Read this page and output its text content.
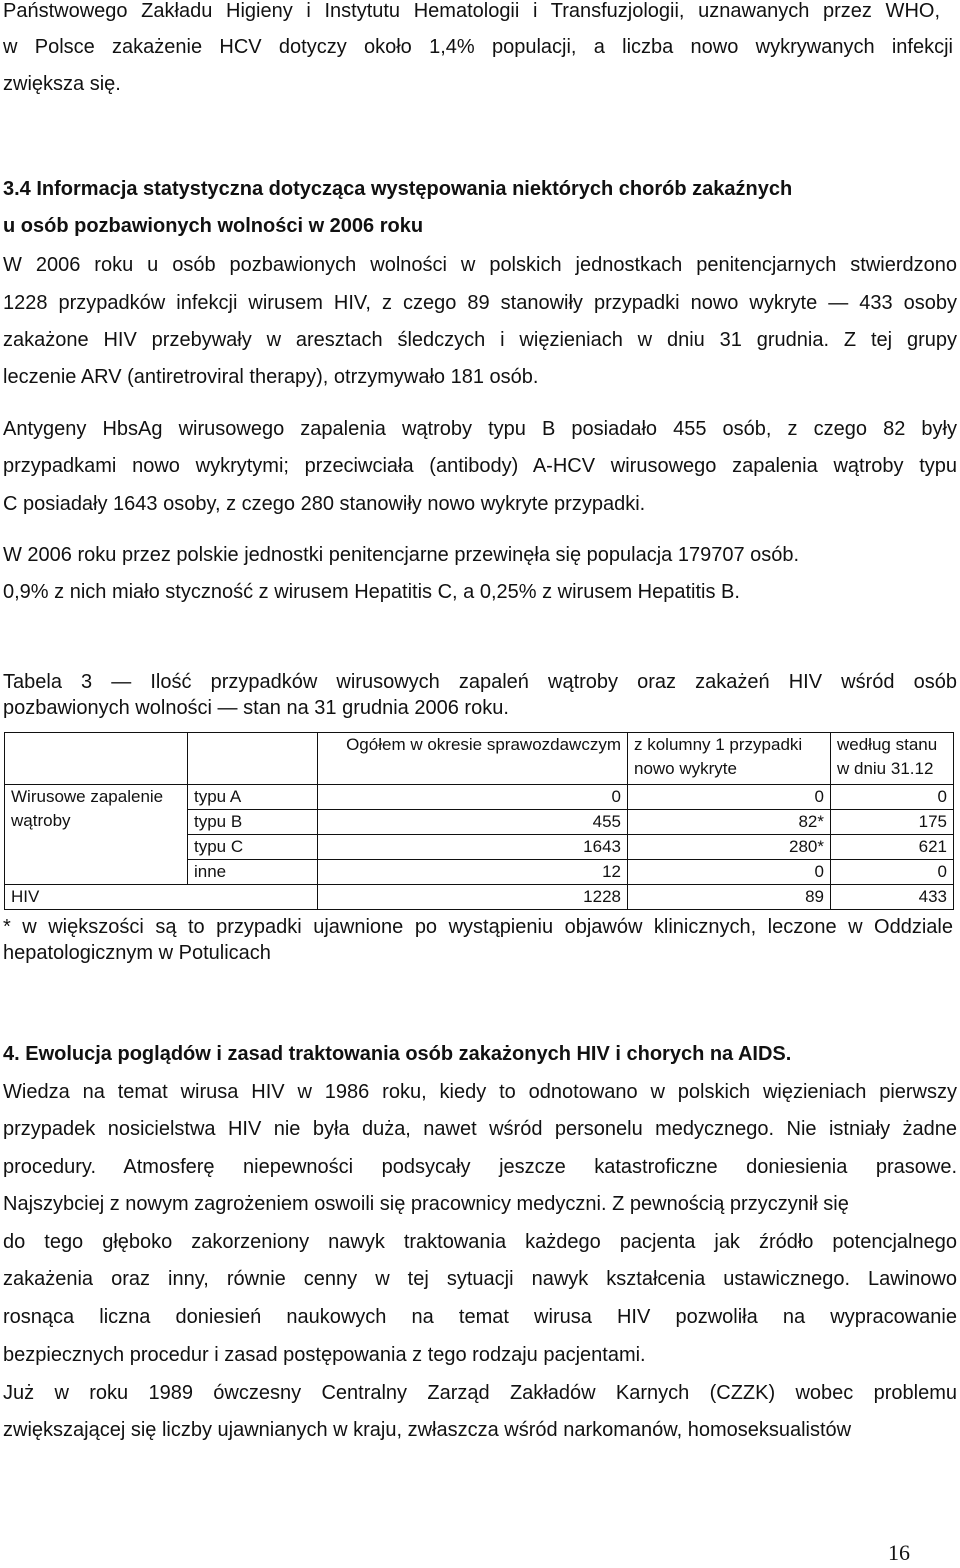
Państwowego Zakładu Higieny i Instytutu Hematologii i Transfuzjologii, uznawanych przez WHO,
w Polsce zakażenie HCV dotyczy około 1,4% populacji, a liczba nowo wykrywanych infekcji
zwiększa się.
3.4 Informacja statystyczna dotycząca występowania niektórych chorób zakaźnych
u osób pozbawionych wolności w 2006 roku
W 2006 roku u osób pozbawionych wolności w polskich jednostkach penitencjarnych stwierdzono
1228 przypadków infekcji wirusem HIV, z czego 89 stanowiły przypadki nowo wykryte — 433 osoby
zakażone HIV przebywały w aresztach śledczych i więzieniach w dniu 31 grudnia. Z tej grupy
leczenie ARV (antiretroviral therapy), otrzymywało 181 osób.
Antygeny HbsAg wirusowego zapalenia wątroby typu B posiadało 455 osób, z czego 82 były
przypadkami nowo wykrytymi; przeciwciała (antibody) A-HCV wirusowego zapalenia wątroby typu
C posiadały 1643 osoby, z czego 280 stanowiły nowo wykryte przypadki.
W 2006 roku przez polskie jednostki penitencjarne przewinęła się populacja 179707 osób.
0,9% z nich miało styczność z wirusem Hepatitis C, a 0,25% z wirusem Hepatitis B.
Tabela 3 — Ilość przypadków wirusowych zapaleń wątroby oraz zakażeń HIV wśród osób
pozbawionych wolności — stan na 31 grudnia 2006 roku.
		Ogółem w okresie sprawozdawczym	z kolumny 1 przypadki nowo wykryte	według stanu w dniu 31.12
Wirusowe zapalenie wątroby	typu A	0	0	0
	typu B	455	82*	175
	typu C	1643	280*	621
	inne	12	0	0
HIV		1228	89	433
* w większości są to przypadki ujawnione po wystąpieniu objawów klinicznych, leczone w Oddziale
hepatologicznym w Potulicach
4. Ewolucja poglądów i zasad traktowania osób zakażonych HIV i chorych na AIDS.
Wiedza na temat wirusa HIV w 1986 roku, kiedy to odnotowano w polskich więzieniach pierwszy
przypadek nosicielstwa HIV nie była duża, nawet wśród personelu medycznego. Nie istniały żadne
procedury. Atmosferę niepewności podsycały jeszcze katastroficzne doniesienia prasowe.
Najszybciej z nowym zagrożeniem oswoili się pracownicy medyczni. Z pewnością przyczynił się
do tego głęboko zakorzeniony nawyk traktowania każdego pacjenta jak źródło potencjalnego
zakażenia oraz inny, równie cenny w tej sytuacji nawyk kształcenia ustawicznego. Lawinowo
rosnąca liczna doniesień naukowych na temat wirusa HIV pozwoliła na wypracowanie
bezpiecznych procedur i zasad postępowania z tego rodzaju pacjentami.
Już w roku 1989 ówczesny Centralny Zarząd Zakładów Karnych (CZZK) wobec problemu
zwiększającej się liczby ujawnianych w kraju, zwłaszcza wśród narkomanów, homoseksualistów
16
